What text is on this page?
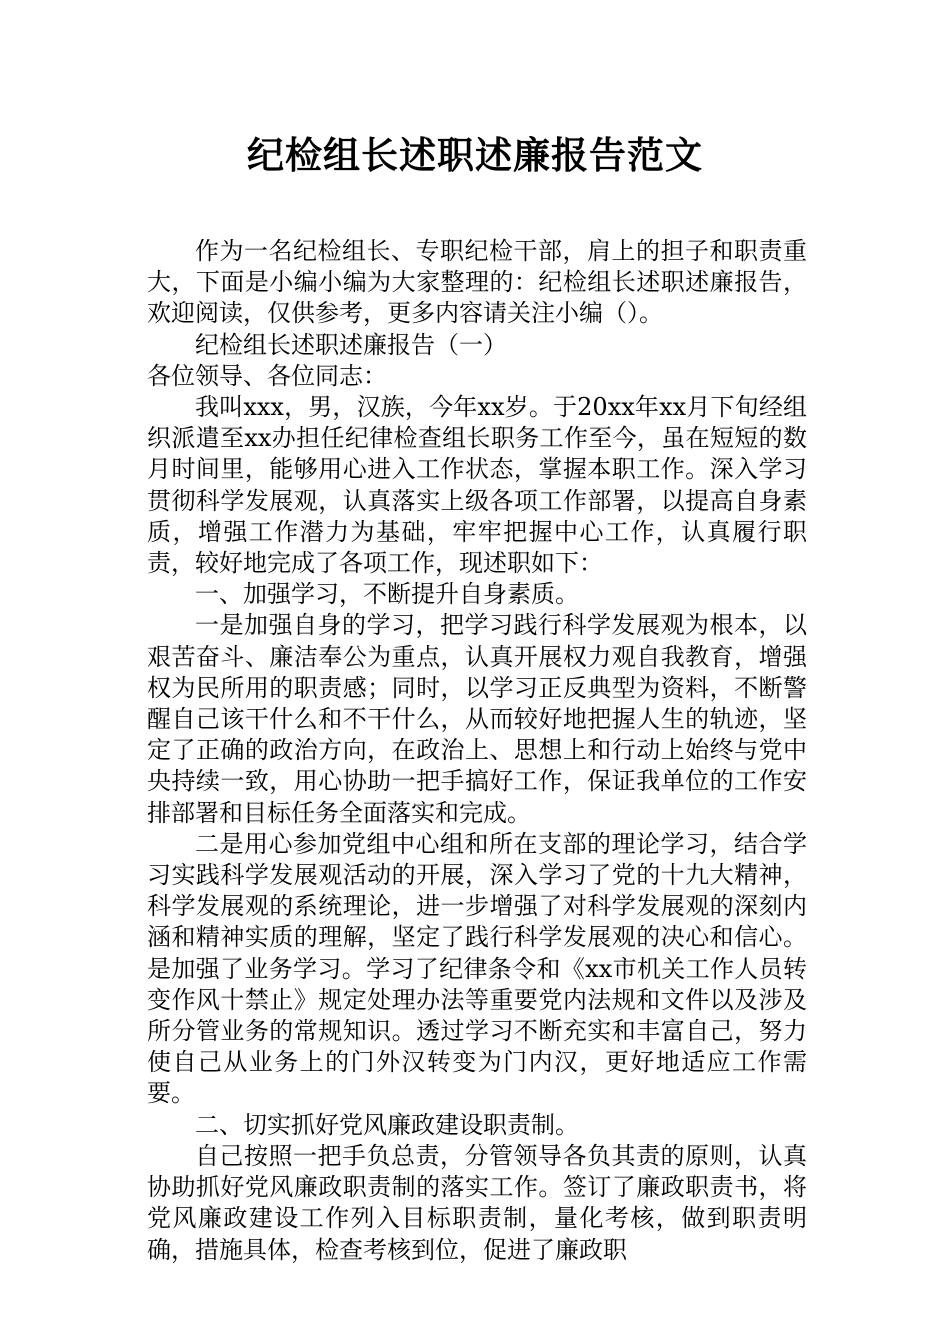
纪检组长述职述廉报告范文

作为一名纪检组长、专职纪检干部，肩上的担子和职责重大，下面是小编小编为大家整理的：纪检组长述职述廉报告，欢迎阅读，仅供参考，更多内容请关注小编（）。

纪检组长述职述廉报告（一）

各位领导、各位同志：

我叫xxx，男，汉族，今年xx岁。于20xx年xx月下旬经组织派遣至xx办担任纪律检查组长职务工作至今，虽在短短的数月时间里，能够用心进入工作状态，掌握本职工作。深入学习贯彻科学发展观，认真落实上级各项工作部署，以提高自身素质，增强工作潜力为基础，牢牢把握中心工作，认真履行职责，较好地完成了各项工作，现述职如下：

一、加强学习，不断提升自身素质。

一是加强自身的学习，把学习践行科学发展观为根本，以艰苦奋斗、廉洁奉公为重点，认真开展权力观自我教育，增强权为民所用的职责感；同时，以学习正反典型为资料，不断警醒自己该干什么和不干什么，从而较好地把握人生的轨迹，坚定了正确的政治方向，在政治上、思想上和行动上始终与党中央持续一致，用心协助一把手搞好工作，保证我单位的工作安排部署和目标任务全面落实和完成。

二是用心参加党组中心组和所在支部的理论学习，结合学习实践科学发展观活动的开展，深入学习了党的十九大精神，科学发展观的系统理论，进一步增强了对科学发展观的深刻内涵和精神实质的理解，坚定了践行科学发展观的决心和信心。是加强了业务学习。学习了纪律条令和《xx市机关工作人员转变作风十禁止》规定处理办法等重要党内法规和文件以及涉及所分管业务的常规知识。透过学习不断充实和丰富自己，努力使自己从业务上的门外汉转变为门内汉，更好地适应工作需要。

二、切实抓好党风廉政建设职责制。

自己按照一把手负总责，分管领导各负其责的原则，认真协助抓好党风廉政职责制的落实工作。签订了廉政职责书，将党风廉政建设工作列入目标职责制，量化考核，做到职责明确，措施具体，检查考核到位，促进了廉政职
